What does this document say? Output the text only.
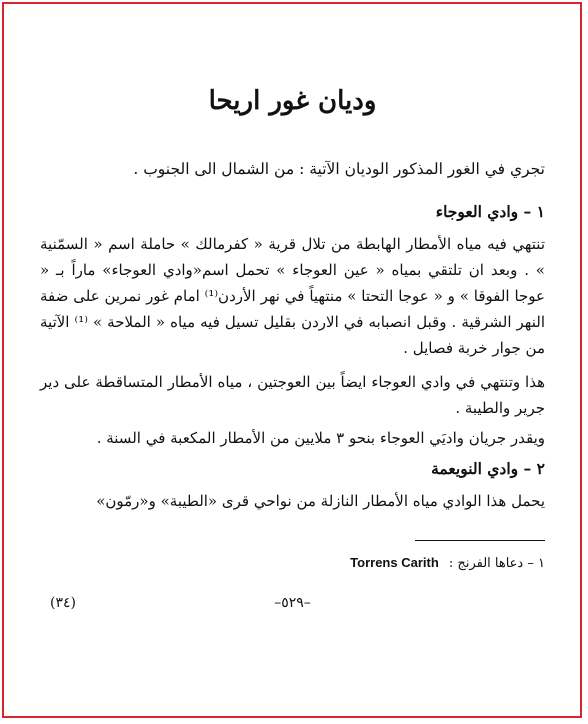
وديان غور اريحا

تجري في الغور المذكور الوديان الآتية : من الشمال الى الجنوب .

١ – وادي العوجاء

تنتهي فيه مياه الأمطار الهابطة من تلال قرية « كفرمالك » حاملة اسم « السمّنية » . وبعد ان تلتقي بمياه « عين العوجاء » تحمل اسم«وادي العوجاء» ماراً بـ « عوجا الفوقا » و « عوجا التحتا » منتهياً في نهر الأردن⁽¹⁾ امام غور نمرين على ضفة النهر الشرقية . وقبل انصبابه في الاردن بقليل تسيل فيه مياه « الملاحة » ⁽¹⁾ الآتية من جوار خربة فصايل .

هذا وتنتهي في وادي العوجاء ايضاً بين العوجتين ، مياه الأمطار المتساقطة على دير جرير والطيبة .

ويقدر جريان واديَي العوجاء بنحو ٣ ملايين من الأمطار المكعبة في السنة .

٢ – وادي النويعمة

يحمل هذا الوادي مياه الأمطار النازلة من نواحي قرى «الطيبة» و«رمّون»

١ – دعاها الفرنج : Torrens Carith
–٥٢٩–
(٣٤)
